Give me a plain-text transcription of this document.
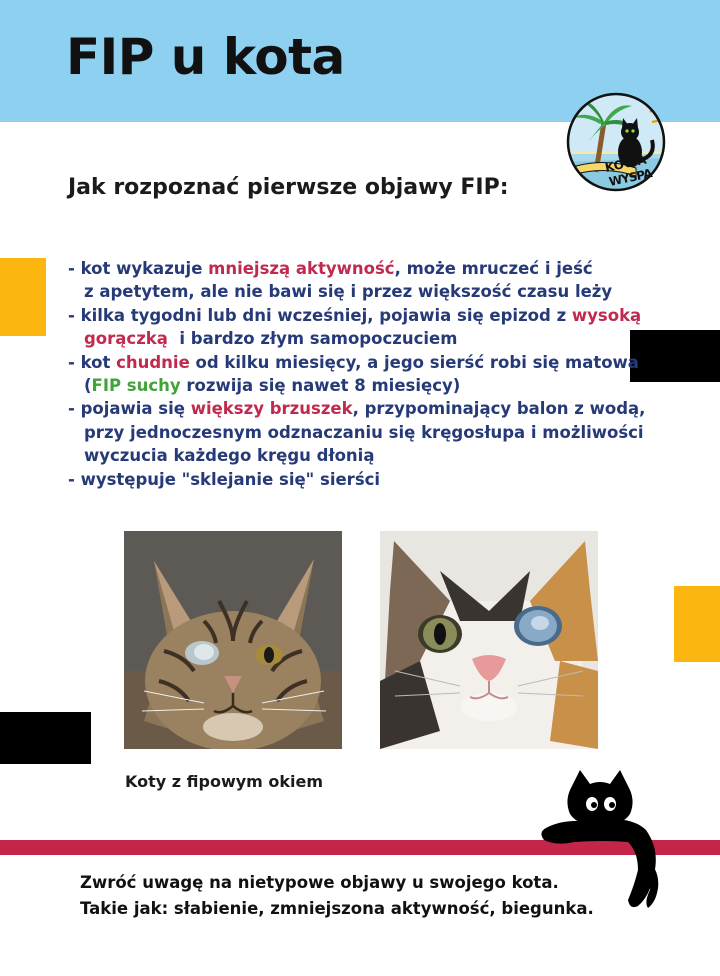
FIP u kota
KOCIA
WYSPA
Jak rozpoznać pierwsze objawy FIP:
- kot wykazuje mniejszą aktywność, może mruczeć i jeść
z apetytem, ale nie bawi się i przez większość czasu leży
- kilka tygodni lub dni wcześniej, pojawia się epizod z wysoką
gorączką  i bardzo złym samopoczuciem
- kot chudnie od kilku miesięcy, a jego sierść robi się matowa
(FIP suchy rozwija się nawet 8 miesięcy)
- pojawia się większy brzuszek, przypominający balon z wodą,
przy jednoczesnym odznaczaniu się kręgosłupa i możliwości
wyczucia każdego kręgu dłonią
- występuje "sklejanie się" sierści
Koty z fipowym okiem
Zwróć uwagę na nietypowe objawy u swojego kota.
Takie jak: słabienie, zmniejszona aktywność, biegunka.
